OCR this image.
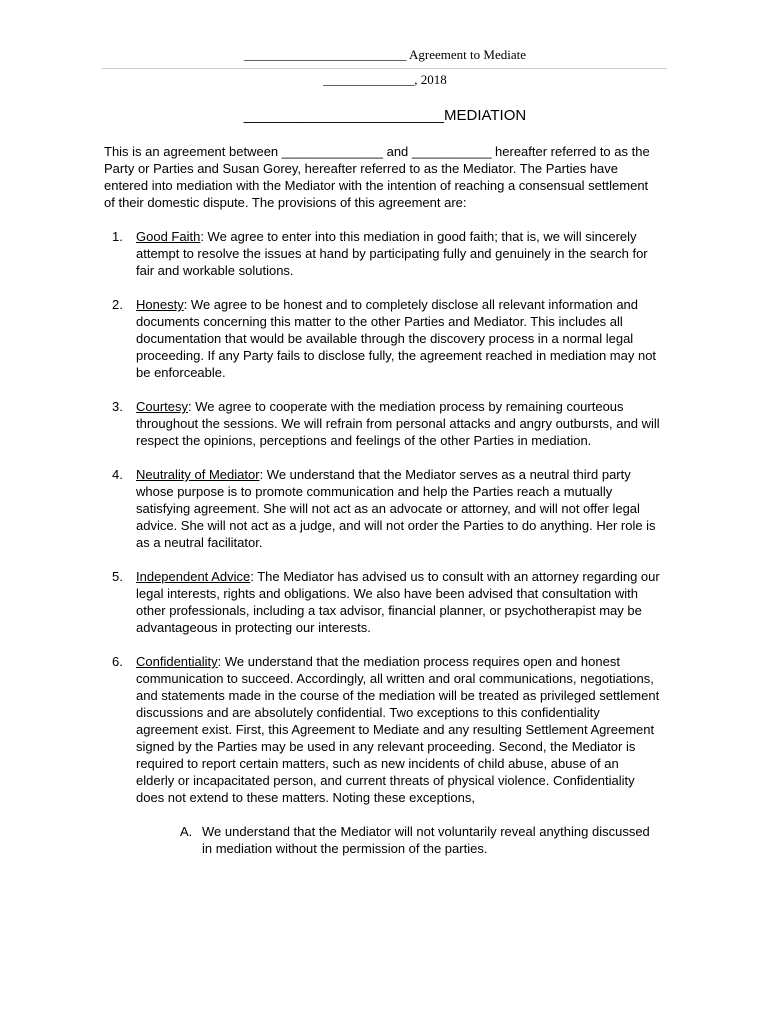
_________________________ Agreement to Mediate
______________, 2018
________________________MEDIATION

This is an agreement between ______________ and ___________ hereafter referred to as the Party or Parties and Susan Gorey, hereafter referred to as the Mediator. The Parties have entered into mediation with the Mediator with the intention of reaching a consensual settlement of their domestic dispute. The provisions of this agreement are:

1. Good Faith: We agree to enter into this mediation in good faith; that is, we will sincerely attempt to resolve the issues at hand by participating fully and genuinely in the search for fair and workable solutions.
2. Honesty: We agree to be honest and to completely disclose all relevant information and documents concerning this matter to the other Parties and Mediator. This includes all documentation that would be available through the discovery process in a normal legal proceeding. If any Party fails to disclose fully, the agreement reached in mediation may not be enforceable.
3. Courtesy: We agree to cooperate with the mediation process by remaining courteous throughout the sessions. We will refrain from personal attacks and angry outbursts, and will respect the opinions, perceptions and feelings of the other Parties in mediation.
4. Neutrality of Mediator: We understand that the Mediator serves as a neutral third party whose purpose is to promote communication and help the Parties reach a mutually satisfying agreement. She will not act as an advocate or attorney, and will not offer legal advice. She will not act as a judge, and will not order the Parties to do anything. Her role is as a neutral facilitator.
5. Independent Advice: The Mediator has advised us to consult with an attorney regarding our legal interests, rights and obligations. We also have been advised that consultation with other professionals, including a tax advisor, financial planner, or psychotherapist may be advantageous in protecting our interests.
6. Confidentiality: We understand that the mediation process requires open and honest communication to succeed. Accordingly, all written and oral communications, negotiations, and statements made in the course of the mediation will be treated as privileged settlement discussions and are absolutely confidential. Two exceptions to this confidentiality agreement exist. First, this Agreement to Mediate and any resulting Settlement Agreement signed by the Parties may be used in any relevant proceeding. Second, the Mediator is required to report certain matters, such as new incidents of child abuse, abuse of an elderly or incapacitated person, and current threats of physical violence. Confidentiality does not extend to these matters. Noting these exceptions,
A. We understand that the Mediator will not voluntarily reveal anything discussed in mediation without the permission of the parties.
